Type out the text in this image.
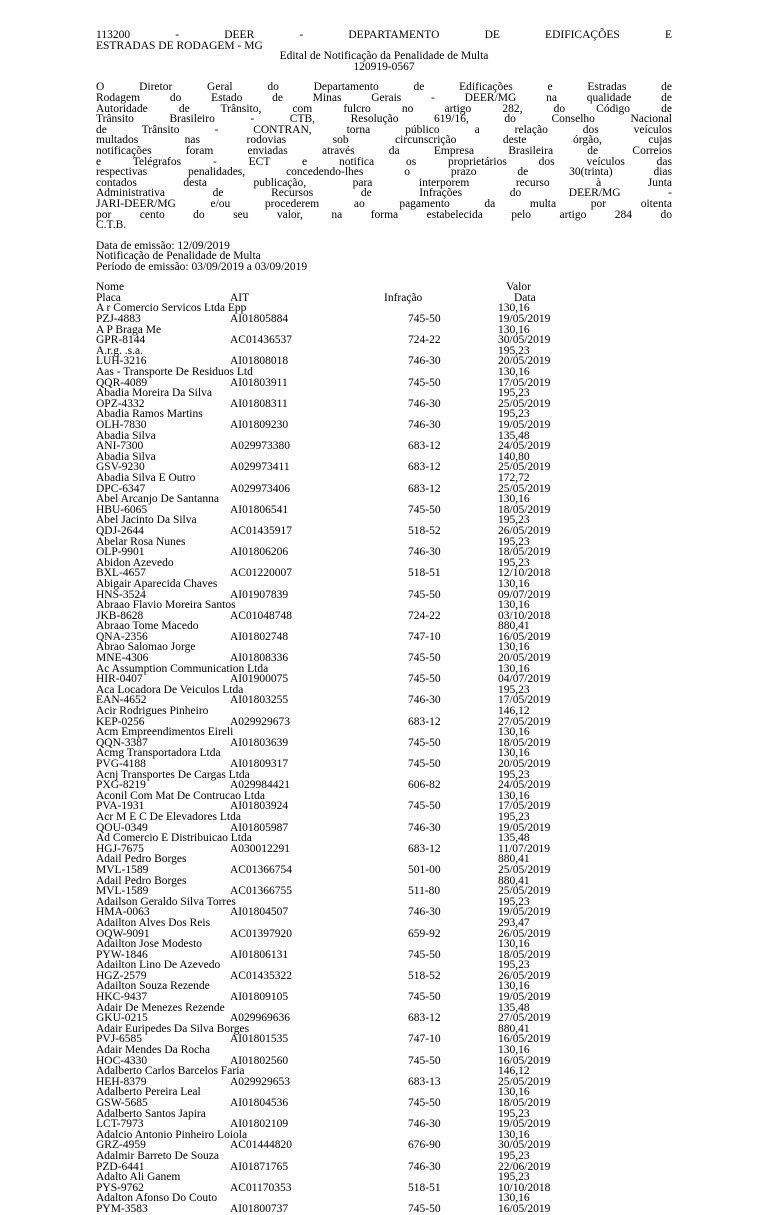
113200 - DEER - DEPARTAMENTO DE EDIFICAÇÕES E
ESTRADAS DE RODAGEM - MG
Edital de Notificação da Penalidade de Multa
120919-0567
O Diretor Geral do Departamento de Edificações e Estradas de
Rodagem do Estado de Minas Gerais - DEER/MG na qualidade de
Autoridade de Trânsito, com fulcro no artigo 282, do Código de
Trânsito Brasileiro - CTB, Resolução 619/16, do Conselho Nacional
de Trânsito - CONTRAN, torna público a relação dos veículos
multados nas rodovias sob circunscrição deste órgão, cujas
notificações foram enviadas através da Empresa Brasileira de Correios
e Telégrafos - ECT e notifica os proprietários dos veículos das
respectivas penalidades, concedendo-lhes o prazo de 30(trinta) dias
contados desta publicação, para interporem recurso à Junta
Administrativa de Recursos de Infrações do DEER/MG -
JARI-DEER/MG e/ou procederem ao pagamento da multa por oitenta
por cento do seu valor, na forma estabelecida pelo artigo 284 do
C.T.B.
Data de emissão: 12/09/2019
Notificação de Penalidade de Multa
Período de emissão: 03/09/2019 a 03/09/2019
Nome	Valor
Placa	AIT	Infração	Data
A r Comercio Servicos Ltda Epp	130,16
PZJ-4883	AI01805884	745-50	19/05/2019
A P Braga Me	130,16
GPR-8144	AC01436537	724-22	30/05/2019
A.r.g. .s.a.	195,23
LUH-3216	AI01808018	746-30	20/05/2019
Aas - Transporte De Residuos Ltd	130,16
QQR-4089	AI01803911	745-50	17/05/2019
Abadia Moreira Da Silva	195,23
OPZ-4332	AI01808311	746-30	25/05/2019
Abadia Ramos Martins	195,23
OLH-7830	AI01809230	746-30	19/05/2019
Abadia Silva	135,48
ANI-7300	A029973380	683-12	24/05/2019
Abadia Silva	140,80
GSV-9230	A029973411	683-12	25/05/2019
Abadia Silva E Outro	172,72
DPC-6347	A029973406	683-12	25/05/2019
Abel Arcanjo De Santanna	130,16
HBU-6065	AI01806541	745-50	18/05/2019
Abel Jacinto Da Silva	195,23
QDJ-2644	AC01435917	518-52	26/05/2019
Abelar Rosa Nunes	195,23
OLP-9901	AI01806206	746-30	18/05/2019
Abidon Azevedo	195,23
BXL-4657	AC01220007	518-51	12/10/2018
Abigair Aparecida Chaves	130,16
HNS-3524	AI01907839	745-50	09/07/2019
Abraao Flavio Moreira Santos	130,16
JKB-8628	AC01048748	724-22	03/10/2018
Abraao Tome Macedo	880,41
QNA-2356	AI01802748	747-10	16/05/2019
Abrao Salomao Jorge	130,16
MNE-4306	AI01808336	745-50	20/05/2019
Ac Assumption Communication Ltda	130,16
HIR-0407	AI01900075	745-50	04/07/2019
Aca Locadora De Veiculos Ltda	195,23
EAN-4652	AI01803255	746-30	17/05/2019
Acir Rodrigues Pinheiro	146,12
KEP-0256	A029929673	683-12	27/05/2019
Acm Empreendimentos Eireli	130,16
QQN-3387	AI01803639	745-50	18/05/2019
Acmg Transportadora Ltda	130,16
PVG-4188	AI01809317	745-50	20/05/2019
Acnj Transportes De Cargas Ltda	195,23
PXG-8219	A029984421	606-82	24/05/2019
Aconil Com Mat De Contrucao Ltda	130,16
PVA-1931	AI01803924	745-50	17/05/2019
Acr M E C De Elevadores Ltda	195,23
QOU-0349	AI01805987	746-30	19/05/2019
Ad Comercio E Distribuicao Ltda	135,48
HGJ-7675	A030012291	683-12	11/07/2019
Adail Pedro Borges	880,41
MVL-1589	AC01366754	501-00	25/05/2019
Adail Pedro Borges	880,41
MVL-1589	AC01366755	511-80	25/05/2019
Adailson Geraldo Silva Torres	195,23
HMA-0063	AI01804507	746-30	19/05/2019
Adailton Alves Dos Reis	293,47
OQW-9091	AC01397920	659-92	26/05/2019
Adailton Jose Modesto	130,16
PYW-1846	AI01806131	745-50	18/05/2019
Adailton Lino De Azevedo	195,23
HGZ-2579	AC01435322	518-52	26/05/2019
Adailton Souza Rezende	130,16
HKC-9437	AI01809105	745-50	19/05/2019
Adair De Menezes Rezende	135,48
GKU-0215	A029969636	683-12	27/05/2019
Adair Euripedes Da Silva Borges	880,41
PVJ-6585	AI01801535	747-10	16/05/2019
Adair Mendes Da Rocha	130,16
HOC-4330	AI01802560	745-50	16/05/2019
Adalberto Carlos Barcelos Faria	146,12
HEH-8379	A029929653	683-13	25/05/2019
Adalberto Pereira Leal	130,16
GSW-5685	AI01804536	745-50	18/05/2019
Adalberto Santos Japira	195,23
LCT-7973	AI01802109	746-30	19/05/2019
Adalcio Antonio Pinheiro Loiola	130,16
GRZ-4959	AC01444820	676-90	30/05/2019
Adalmir Barreto De Souza	195,23
PZD-6441	AI01871765	746-30	22/06/2019
Adalto Ali Ganem	195,23
PYS-9762	AC01170353	518-51	10/10/2018
Adalton Afonso Do Couto	130,16
PYM-3583	AI01800737	745-50	16/05/2019
